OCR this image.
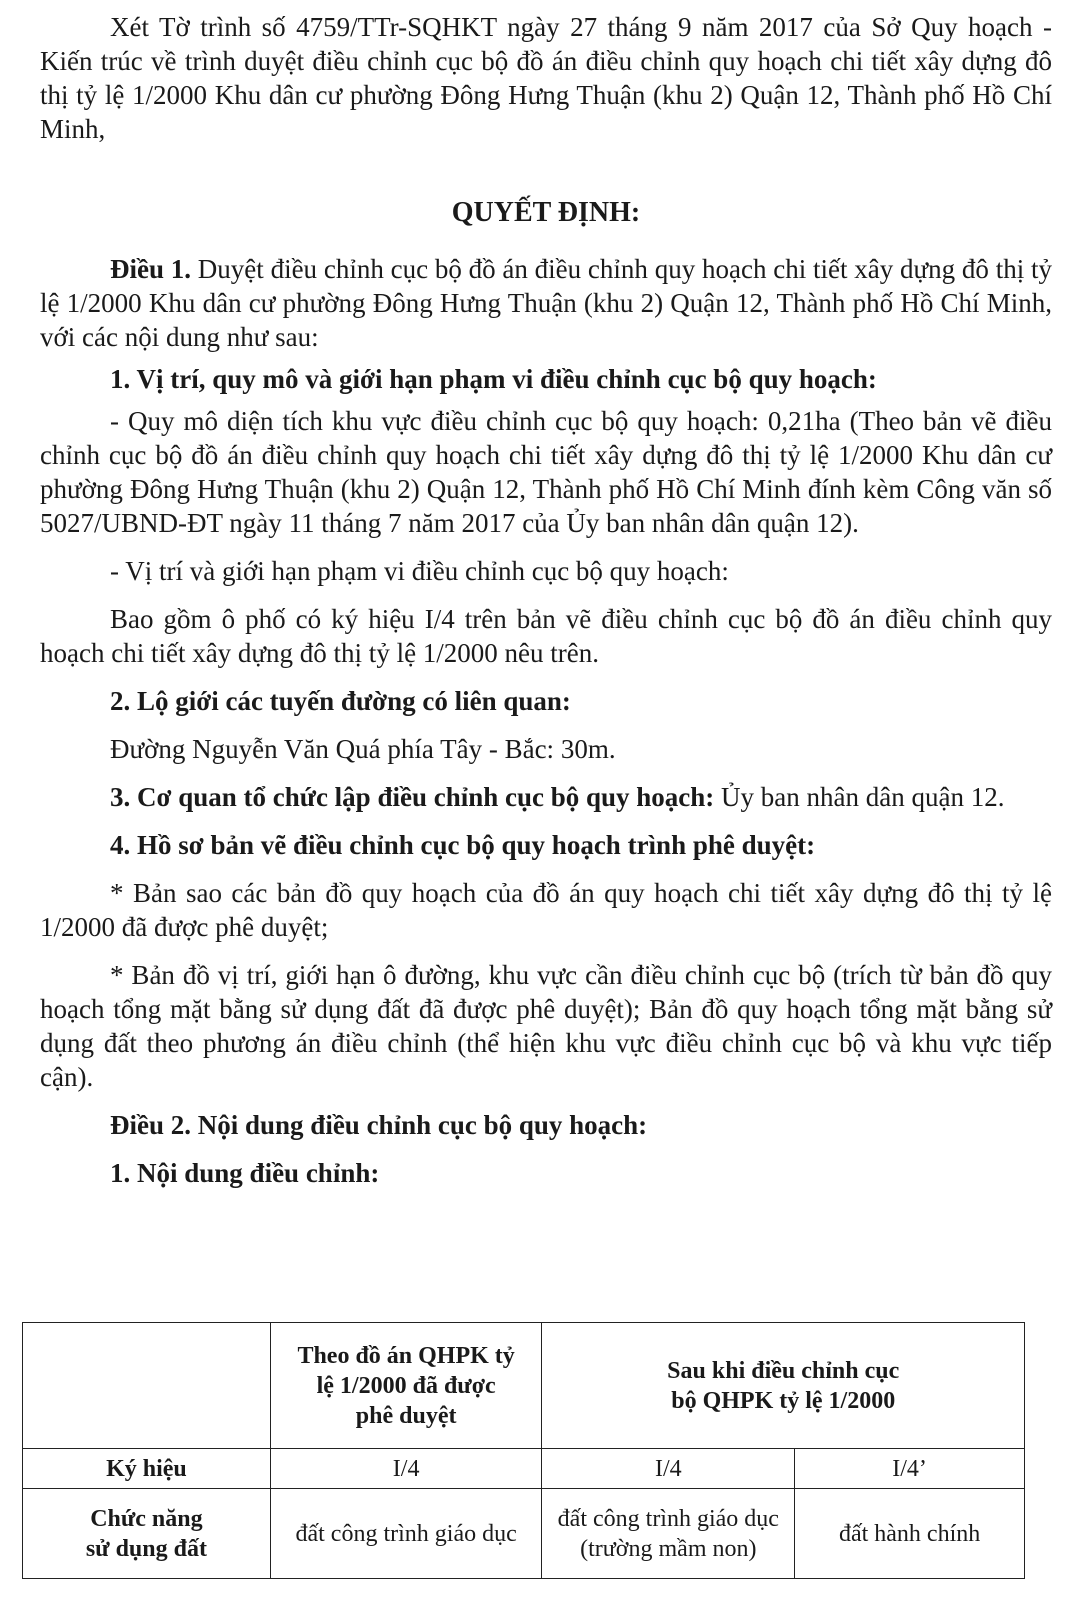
Xét Tờ trình số 4759/TTr-SQHKT ngày 27 tháng 9 năm 2017 của Sở Quy hoạch - Kiến trúc về trình duyệt điều chỉnh cục bộ đồ án điều chỉnh quy hoạch chi tiết xây dựng đô thị tỷ lệ 1/2000 Khu dân cư phường Đông Hưng Thuận (khu 2) Quận 12, Thành phố Hồ Chí Minh,

QUYẾT ĐỊNH:

Điều 1. Duyệt điều chỉnh cục bộ đồ án điều chỉnh quy hoạch chi tiết xây dựng đô thị tỷ lệ 1/2000 Khu dân cư phường Đông Hưng Thuận (khu 2) Quận 12, Thành phố Hồ Chí Minh, với các nội dung như sau:

1. Vị trí, quy mô và giới hạn phạm vi điều chỉnh cục bộ quy hoạch:

- Quy mô diện tích khu vực điều chỉnh cục bộ quy hoạch: 0,21ha (Theo bản vẽ điều chỉnh cục bộ đồ án điều chỉnh quy hoạch chi tiết xây dựng đô thị tỷ lệ 1/2000 Khu dân cư phường Đông Hưng Thuận (khu 2) Quận 12, Thành phố Hồ Chí Minh đính kèm Công văn số 5027/UBND-ĐT ngày 11 tháng 7 năm 2017 của Ủy ban nhân dân quận 12).

- Vị trí và giới hạn phạm vi điều chỉnh cục bộ quy hoạch:

Bao gồm ô phố có ký hiệu I/4 trên bản vẽ điều chỉnh cục bộ đồ án điều chỉnh quy hoạch chi tiết xây dựng đô thị tỷ lệ 1/2000 nêu trên.

2. Lộ giới các tuyến đường có liên quan:

Đường Nguyễn Văn Quá phía Tây - Bắc: 30m.

3. Cơ quan tổ chức lập điều chỉnh cục bộ quy hoạch: Ủy ban nhân dân quận 12.

4. Hồ sơ bản vẽ điều chỉnh cục bộ quy hoạch trình phê duyệt:

* Bản sao các bản đồ quy hoạch của đồ án quy hoạch chi tiết xây dựng đô thị tỷ lệ 1/2000 đã được phê duyệt;

* Bản đồ vị trí, giới hạn ô đường, khu vực cần điều chỉnh cục bộ (trích từ bản đồ quy hoạch tổng mặt bằng sử dụng đất đã được phê duyệt); Bản đồ quy hoạch tổng mặt bằng sử dụng đất theo phương án điều chỉnh (thể hiện khu vực điều chỉnh cục bộ và khu vực tiếp cận).

Điều 2. Nội dung điều chỉnh cục bộ quy hoạch:

1. Nội dung điều chỉnh:

	Theo đồ án QHPK tỷ lệ 1/2000 đã được phê duyệt	Sau khi điều chỉnh cục bộ QHPK tỷ lệ 1/2000	
Ký hiệu	I/4	I/4	I/4’
Chức năng sử dụng đất	đất công trình giáo dục	đất công trình giáo dục (trường mầm non)	đất hành chính
